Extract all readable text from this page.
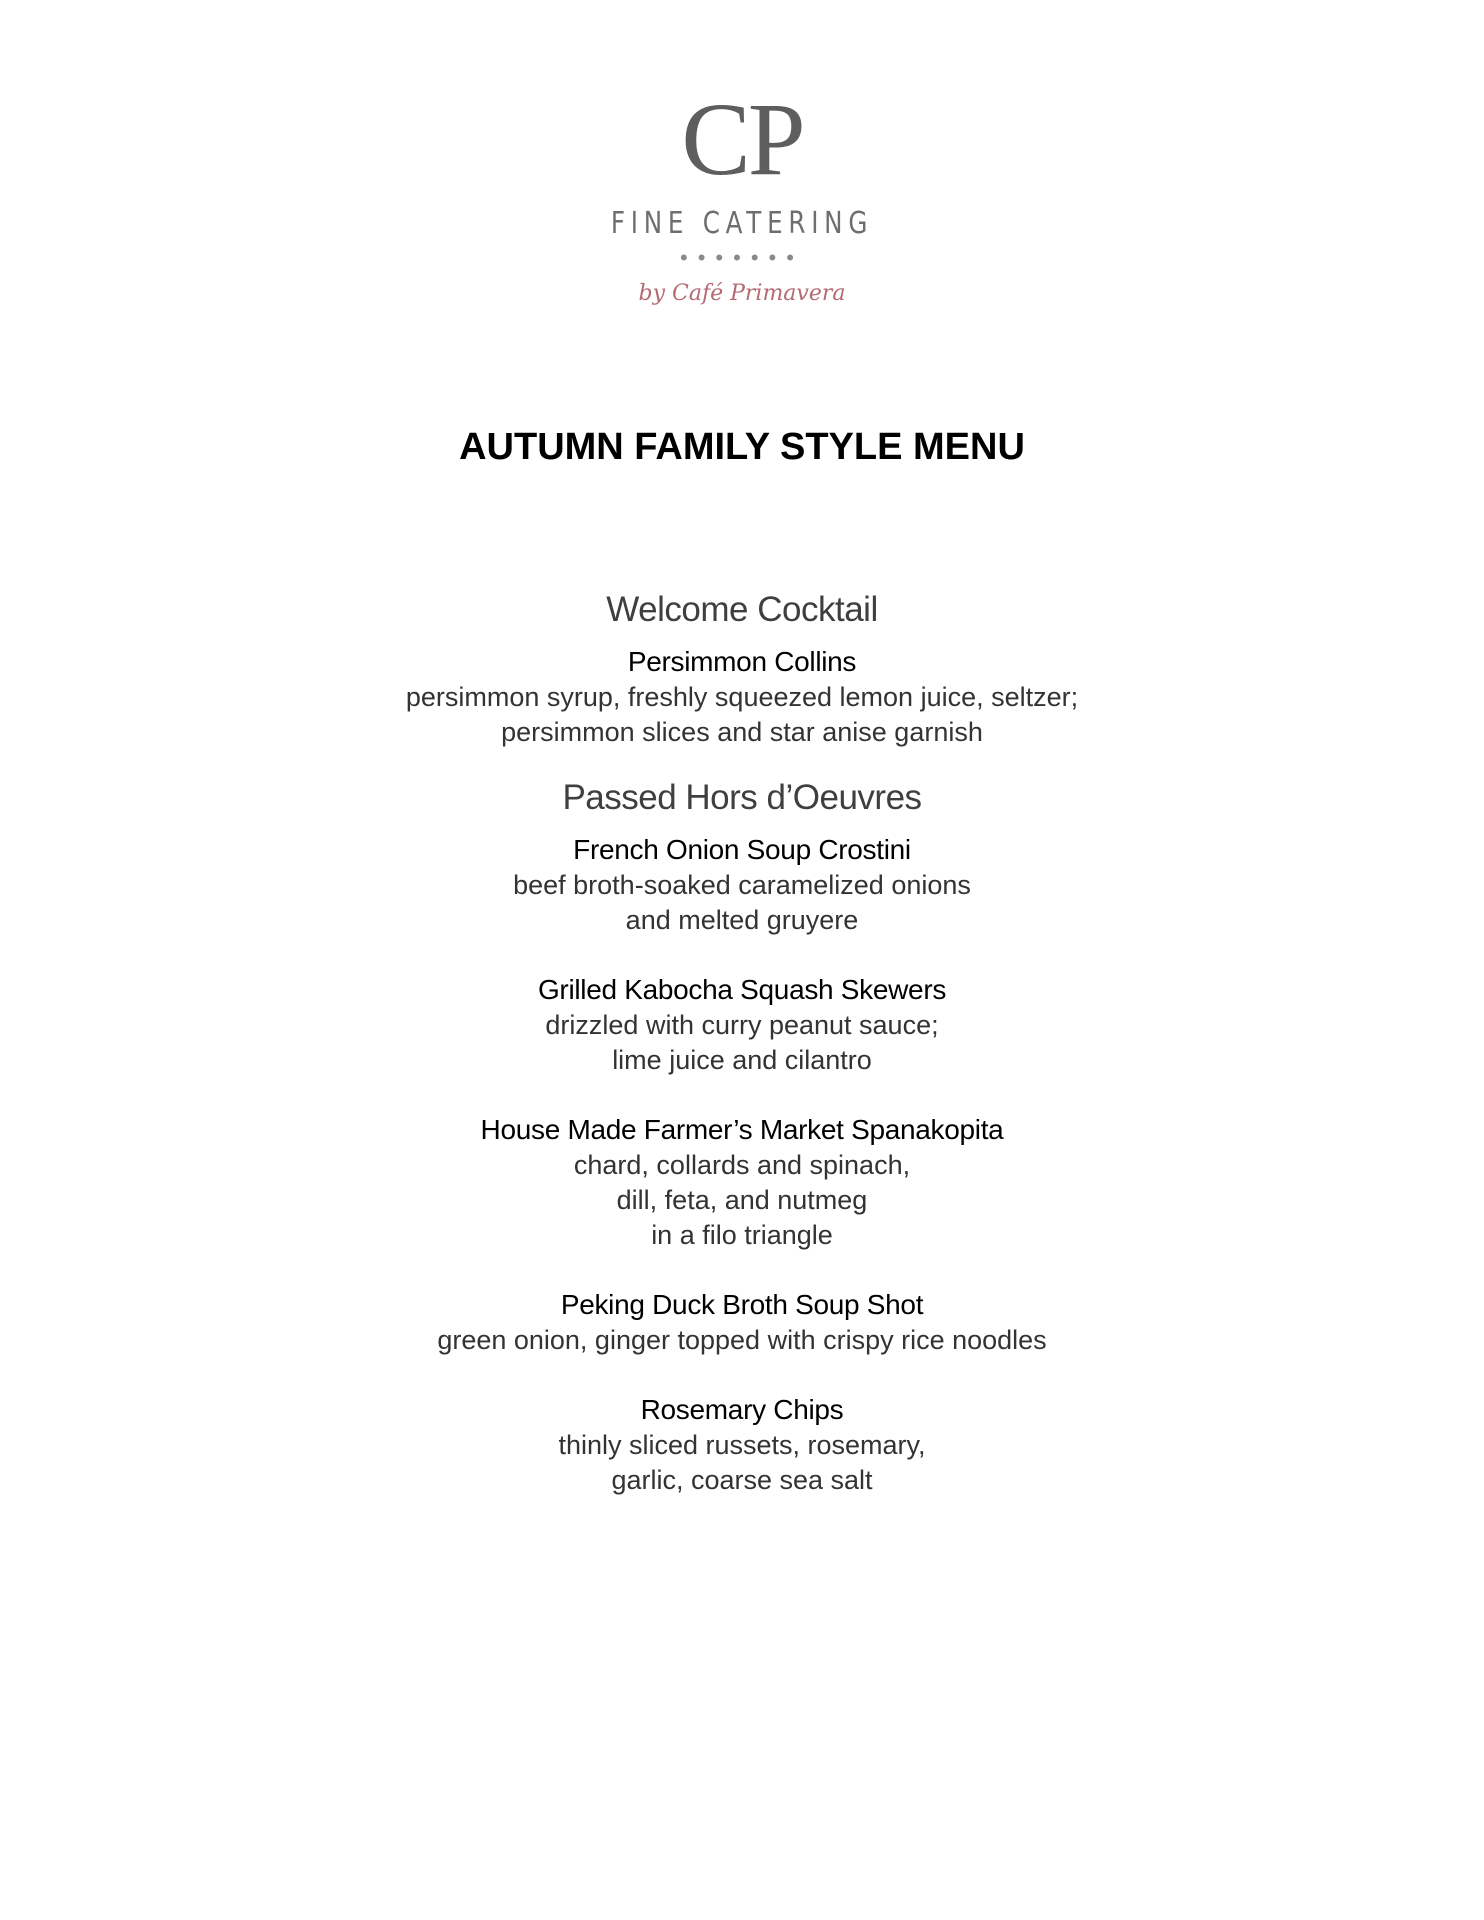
CP
FINE CATERING
•••••••
by Café Primavera
AUTUMN FAMILY STYLE MENU
Welcome Cocktail
Persimmon Collins
persimmon syrup, freshly squeezed lemon juice, seltzer;
persimmon slices and star anise garnish
Passed Hors d’Oeuvres
French Onion Soup Crostini
beef broth-soaked caramelized onions
and melted gruyere
Grilled Kabocha Squash Skewers
drizzled with curry peanut sauce;
lime juice and cilantro
House Made Farmer’s Market Spanakopita
chard, collards and spinach,
dill, feta, and nutmeg
in a filo triangle
Peking Duck Broth Soup Shot
green onion, ginger topped with crispy rice noodles
Rosemary Chips
thinly sliced russets, rosemary,
garlic, coarse sea salt
